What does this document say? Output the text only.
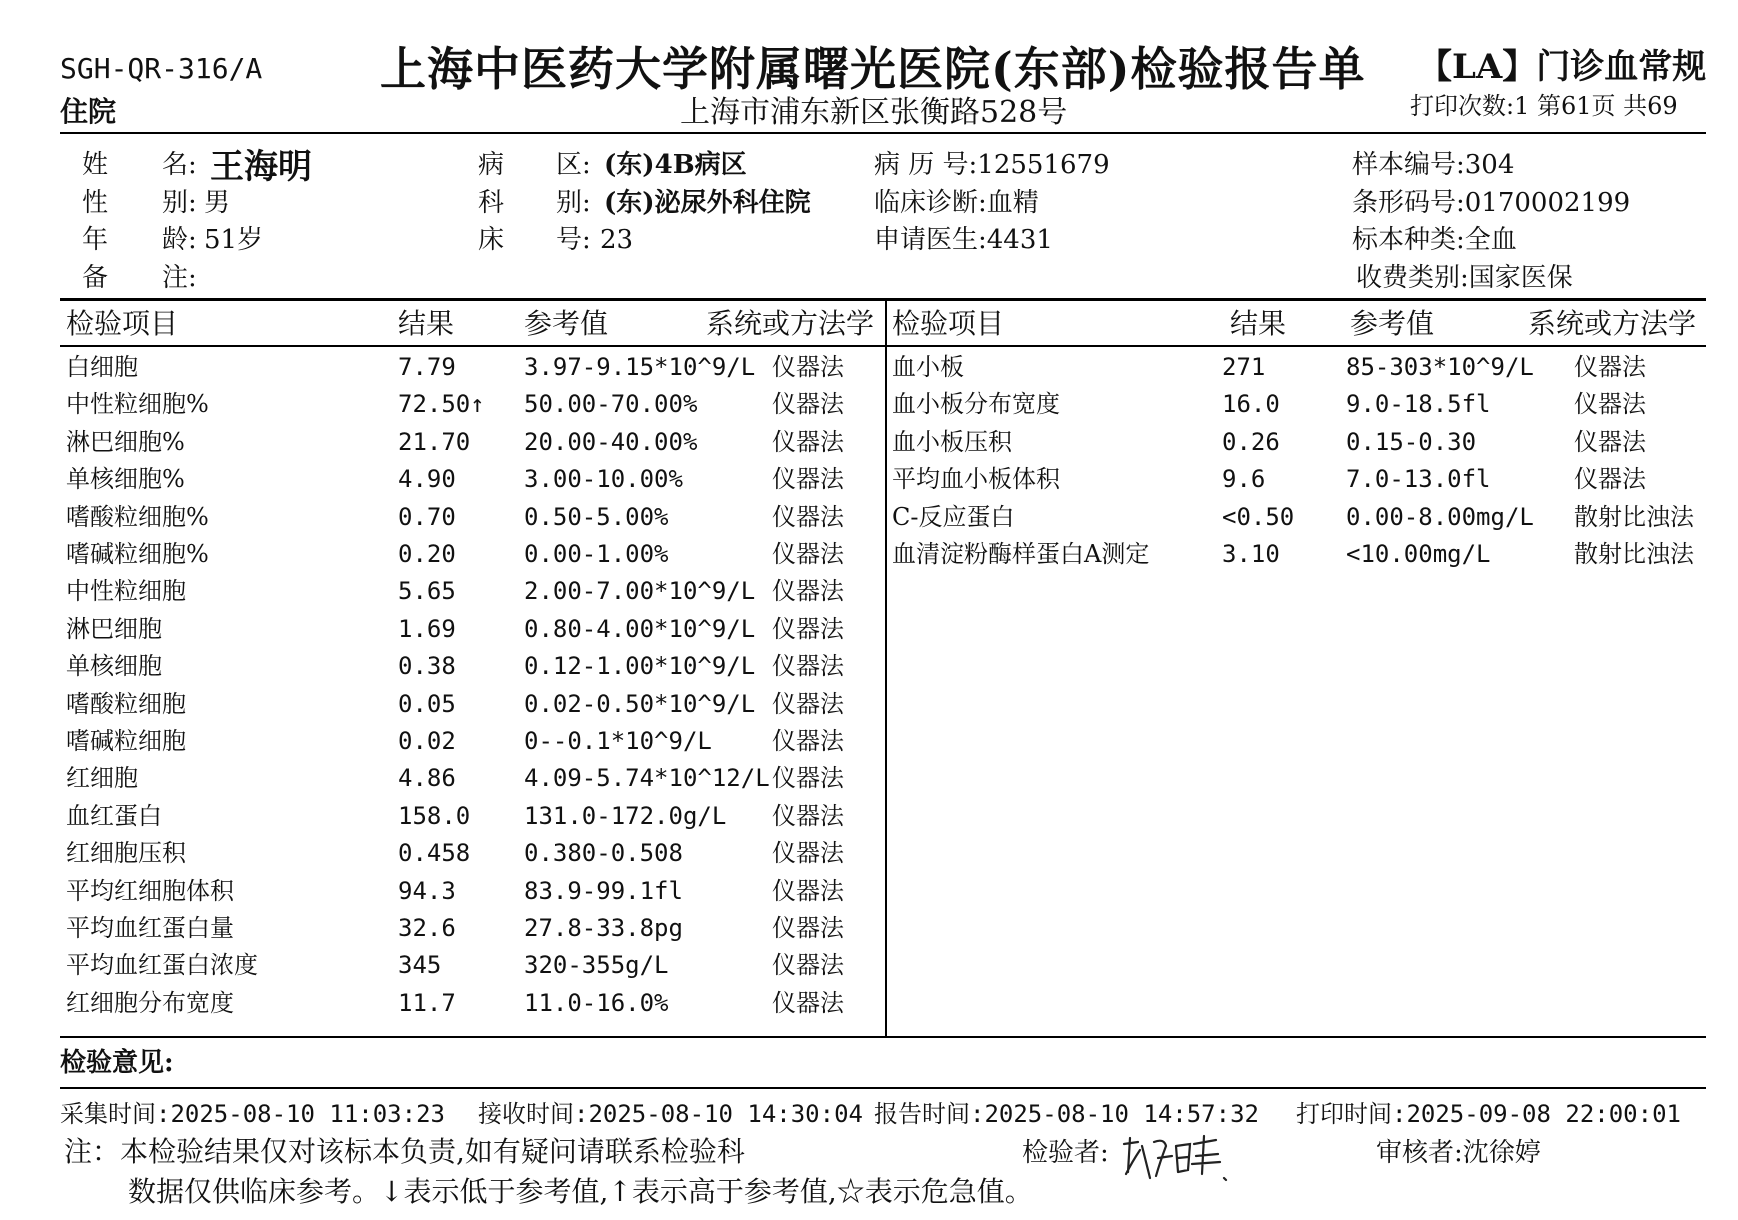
SGH-QR-316/A
住院
上海中医药大学附属曙光医院(东部)检验报告单
上海市浦东新区张衡路528号
【LA】门诊血常规
打印次数:1 第61页 共69
姓 名: 王海明
性 别: 男
年 龄: 51岁
备 注:
病 区: (东)4B病区
科 别: (东)泌尿外科住院
床 号: 23
病 历 号:12551679
临床诊断:血精
申请医生:4431
样本编号:304
条形码号:0170002199
标本种类:全血
收费类别:国家医保
检验项目	结果 参考值	系统或方法学 检验项目	结果 参考值	系统或方法学
白细胞	7.79	3.97-9.15*10^9/L 仪器法
中性粒细胞%	72.50↑ 50.00-70.00%	仪器法
淋巴细胞%	21.70 20.00-40.00%	仪器法
单核细胞%	4.90	3.00-10.00%	仪器法
嗜酸粒细胞%	0.70	0.50-5.00%	仪器法
嗜碱粒细胞%	0.20	0.00-1.00%	仪器法
中性粒细胞	5.65	2.00-7.00*10^9/L 仪器法
淋巴细胞	1.69	0.80-4.00*10^9/L 仪器法
单核细胞	0.38	0.12-1.00*10^9/L 仪器法
嗜酸粒细胞	0.05	0.02-0.50*10^9/L 仪器法
嗜碱粒细胞	0.02	0--0.1*10^9/L	仪器法
红细胞	4.86	4.09-5.74*10^12/L 仪器法
血红蛋白	158.0 131.0-172.0g/L 仪器法
红细胞压积	0.458 0.380-0.508	仪器法
平均红细胞体积	94.3	83.9-99.1fl	仪器法
平均血红蛋白量	32.6	27.8-33.8pg	仪器法
平均血红蛋白浓度	345	320-355g/L	仪器法
红细胞分布宽度	11.7	11.0-16.0%	仪器法
血小板	271	85-303*10^9/L 仪器法
血小板分布宽度	16.0	9.0-18.5fl	仪器法
血小板压积	0.26	0.15-0.30	仪器法
平均血小板体积	9.6	7.0-13.0fl	仪器法
C-反应蛋白	<0.50 0.00-8.00mg/L 散射比浊法
血清淀粉酶样蛋白A测定	3.10	<10.00mg/L	散射比浊法
检验意见:
采集时间:2025-08-10 11:03:23 接收时间:2025-08-10 14:30:04 报告时间:2025-08-10 14:57:32 打印时间:2025-09-08 22:00:01
注：本检验结果仅对该标本负责,如有疑问请联系检验科
数据仅供临床参考。↓表示低于参考值,↑表示高于参考值,☆表示危急值。
检验者:	审核者:沈徐婷
